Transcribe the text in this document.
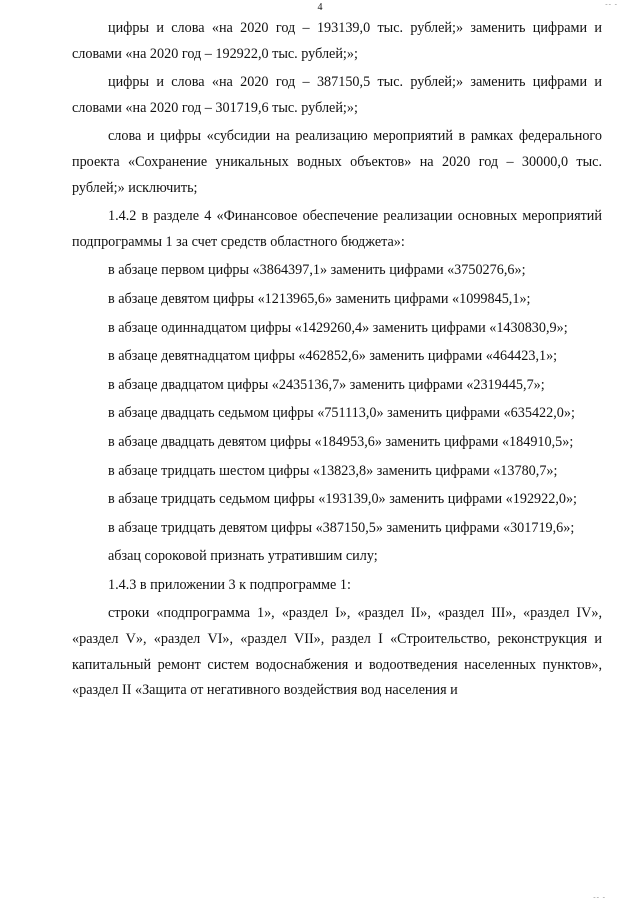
4

цифры и слова «на 2020 год – 193139,0 тыс. рублей;» заменить цифрами и словами «на 2020 год – 192922,0 тыс. рублей;»;

цифры и слова «на 2020 год – 387150,5 тыс. рублей;» заменить цифрами и словами «на 2020 год – 301719,6 тыс. рублей;»;

слова и цифры «субсидии на реализацию мероприятий в рамках федерального проекта «Сохранение уникальных водных объектов» на 2020 год – 30000,0 тыс. рублей;» исключить;

1.4.2 в разделе 4 «Финансовое обеспечение реализации основных мероприятий подпрограммы 1 за счет средств областного бюджета»:

в абзаце первом цифры «3864397,1» заменить цифрами «3750276,6»;

в абзаце девятом цифры «1213965,6» заменить цифрами «1099845,1»;

в абзаце одиннадцатом цифры «1429260,4» заменить цифрами «1430830,9»;

в абзаце девятнадцатом цифры «462852,6» заменить цифрами «464423,1»;

в абзаце двадцатом цифры «2435136,7» заменить цифрами «2319445,7»;

в абзаце двадцать седьмом цифры «751113,0» заменить цифрами «635422,0»;

в абзаце двадцать девятом цифры «184953,6» заменить цифрами «184910,5»;

в абзаце тридцать шестом цифры «13823,8» заменить цифрами «13780,7»;

в абзаце тридцать седьмом цифры «193139,0» заменить цифрами «192922,0»;

в абзаце тридцать девятом цифры «387150,5» заменить цифрами «301719,6»;

абзац сороковой признать утратившим силу;

1.4.3 в приложении 3 к подпрограмме 1:

строки «подпрограмма 1», «раздел I», «раздел II», «раздел III», «раздел IV», «раздел V», «раздел VI», «раздел VII», раздел I «Строительство, реконструкция и капитальный ремонт систем водоснабжения и водоотведения населенных пунктов», «раздел II «Защита от негативного воздействия вод населения и

‐‐ ‐
‐‐ ‐
